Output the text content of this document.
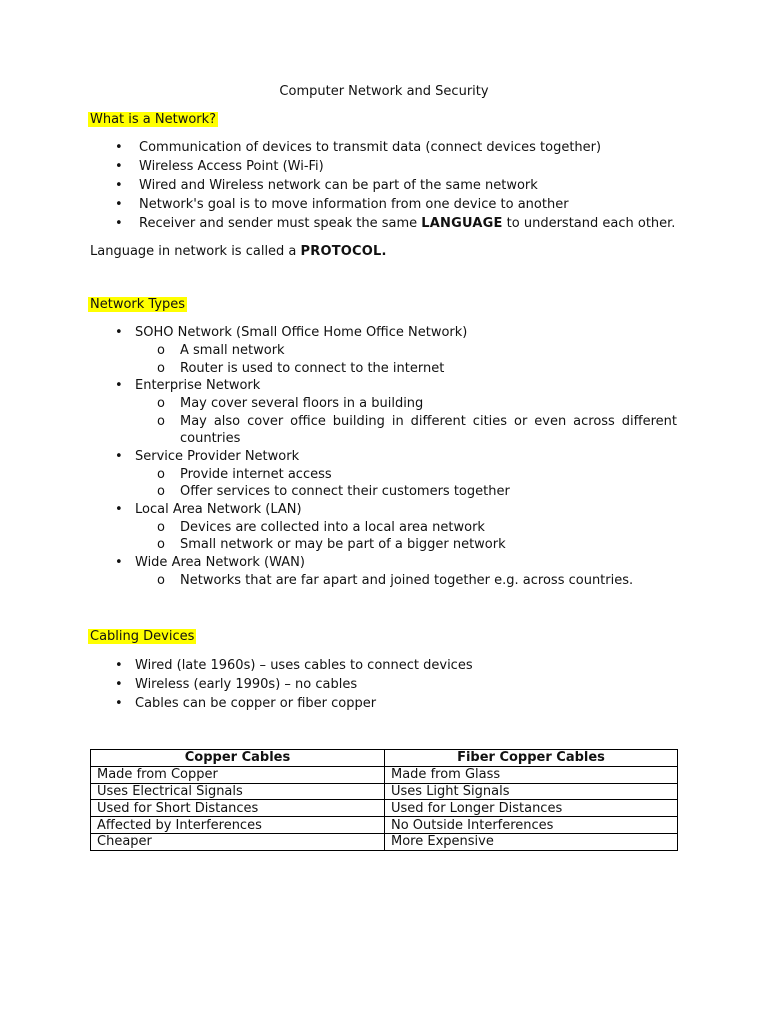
Computer Network and Security
What is a Network?
• Communication of devices to transmit data (connect devices together)
• Wireless Access Point (Wi-Fi)
• Wired and Wireless network can be part of the same network
• Network's goal is to move information from one device to another
• Receiver and sender must speak the same LANGUAGE to understand each other.
Language in network is called a PROTOCOL.
Network Types
• SOHO Network (Small Office Home Office Network)
o A small network
o Router is used to connect to the internet
• Enterprise Network
o May cover several floors in a building
o May also cover office building in different cities or even across different countries
• Service Provider Network
o Provide internet access
o Offer services to connect their customers together
• Local Area Network (LAN)
o Devices are collected into a local area network
o Small network or may be part of a bigger network
• Wide Area Network (WAN)
o Networks that are far apart and joined together e.g. across countries.
Cabling Devices
• Wired (late 1960s) – uses cables to connect devices
• Wireless (early 1990s) – no cables
• Cables can be copper or fiber copper
Copper Cables	Fiber Copper Cables
Made from Copper	Made from Glass
Uses Electrical Signals	Uses Light Signals
Used for Short Distances	Used for Longer Distances
Affected by Interferences	No Outside Interferences
Cheaper	More Expensive
